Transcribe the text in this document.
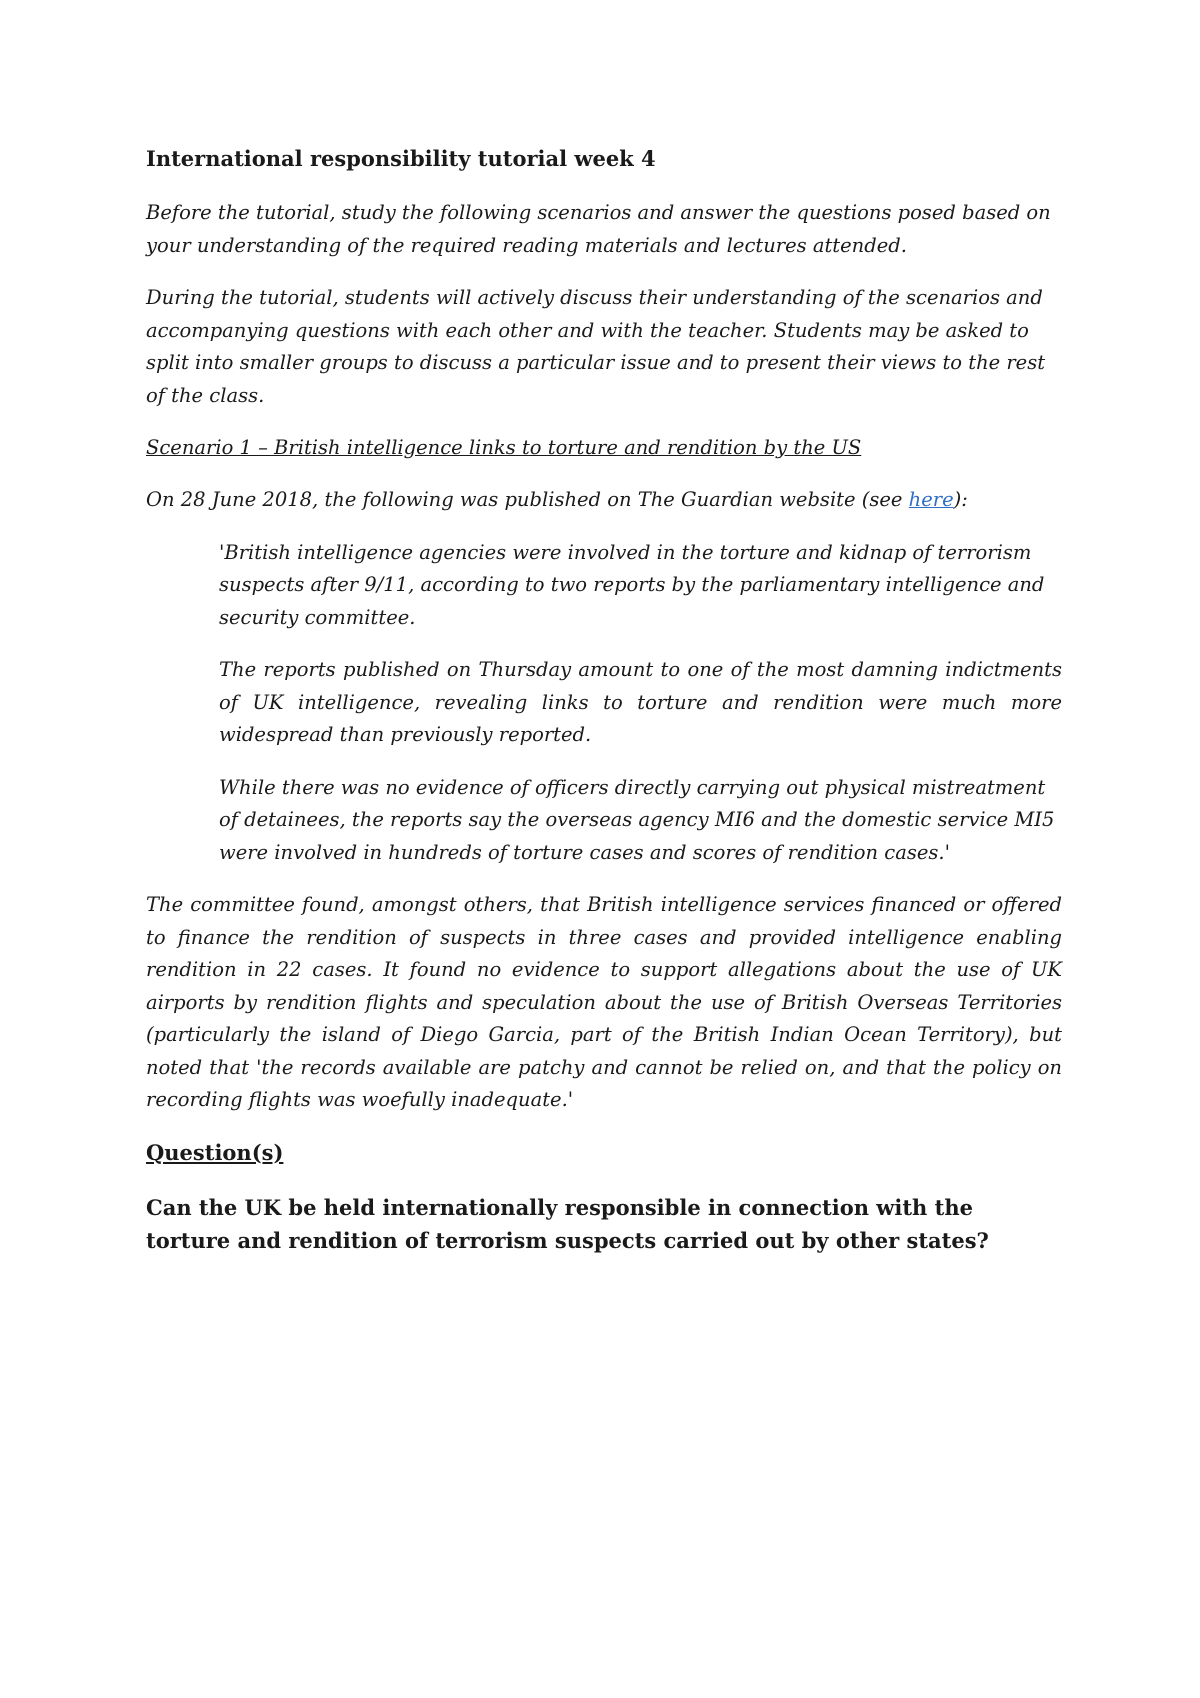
International responsibility tutorial week 4

Before the tutorial, study the following scenarios and answer the questions posed based on your understanding of the required reading materials and lectures attended.

During the tutorial, students will actively discuss their understanding of the scenarios and accompanying questions with each other and with the teacher. Students may be asked to split into smaller groups to discuss a particular issue and to present their views to the rest of the class.

Scenario 1 – British intelligence links to torture and rendition by the US

On 28 June 2018, the following was published on The Guardian website (see here):

'British intelligence agencies were involved in the torture and kidnap of terrorism suspects after 9/11, according to two reports by the parliamentary intelligence and security committee.

The reports published on Thursday amount to one of the most damning indictments of UK intelligence, revealing links to torture and rendition were much more widespread than previously reported.

While there was no evidence of officers directly carrying out physical mistreatment of detainees, the reports say the overseas agency MI6 and the domestic service MI5 were involved in hundreds of torture cases and scores of rendition cases.'

The committee found, amongst others, that British intelligence services financed or offered to finance the rendition of suspects in three cases and provided intelligence enabling rendition in 22 cases. It found no evidence to support allegations about the use of UK airports by rendition flights and speculation about the use of British Overseas Territories (particularly the island of Diego Garcia, part of the British Indian Ocean Territory), but noted that 'the records available are patchy and cannot be relied on, and that the policy on recording flights was woefully inadequate.'

Question(s)

Can the UK be held internationally responsible in connection with the torture and rendition of terrorism suspects carried out by other states?
